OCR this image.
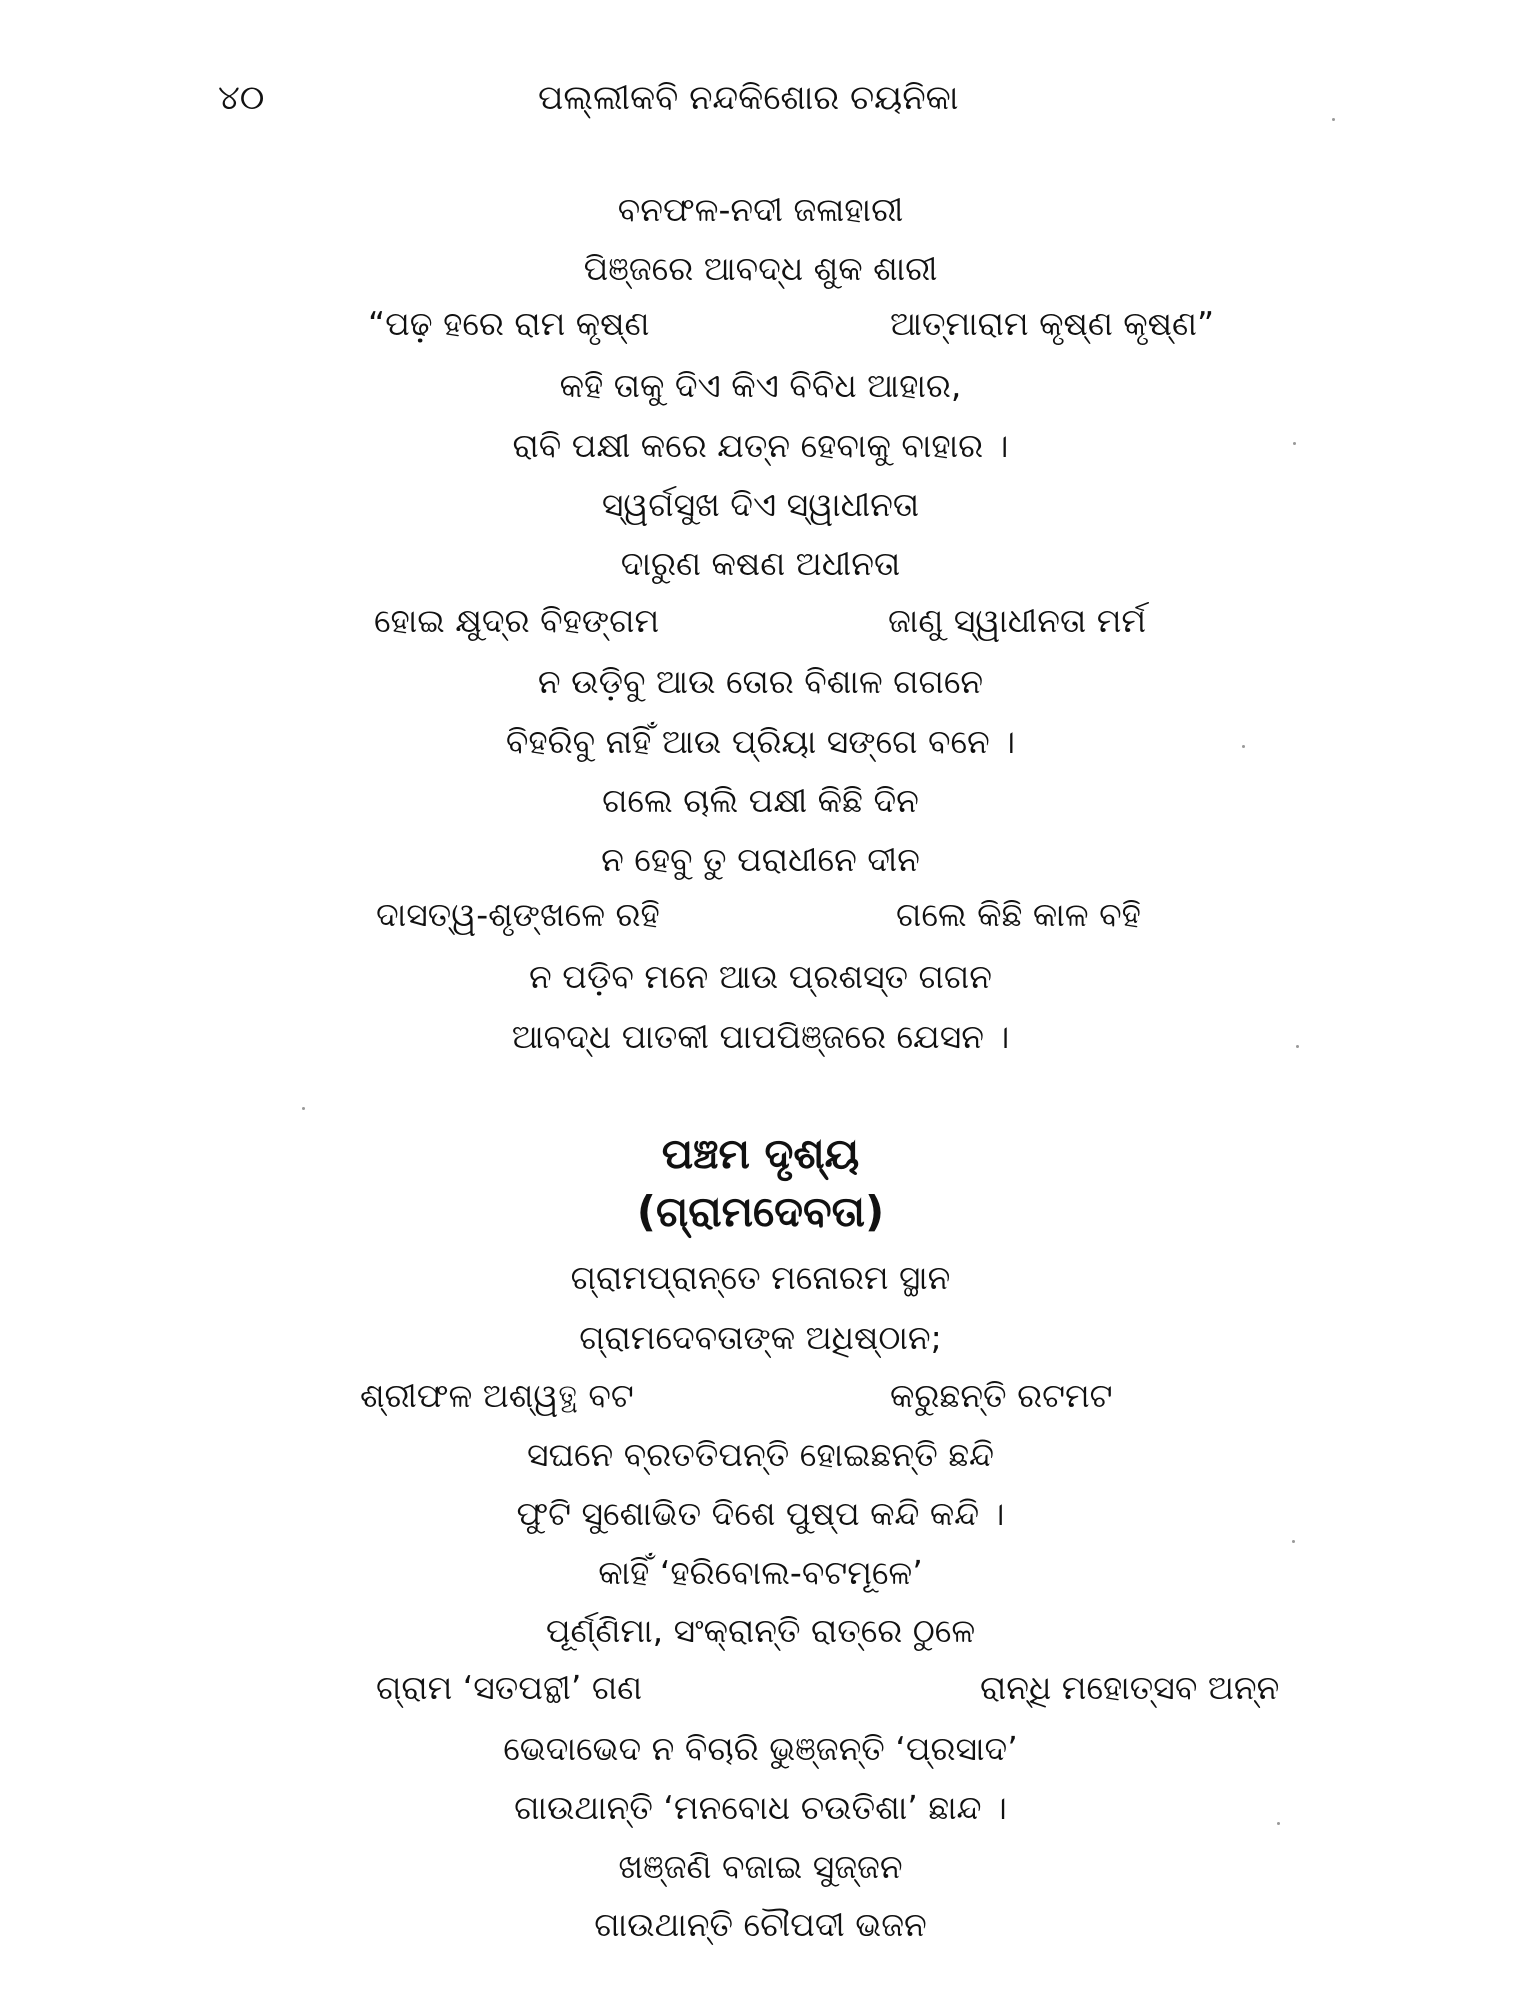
୪୦	ପଲ୍ଲୀକବି ନନ୍ଦକିଶୋର ଚୟନିକା
ବନଫଳ-ନଦୀ ଜଳାହାରୀ
ପିଞ୍ଜରେ ଆବଦ୍ଧ ଶୁକ ଶାରୀ
“ପଢ଼ ହରେ ରାମ କୃଷ୍ଣ	ଆତ୍ମାରାମ କୃଷ୍ଣ କୃଷ୍ଣ”
କହି ତାକୁ ଦିଏ କିଏ ବିବିଧ ଆହାର,
ରାବି ପକ୍ଷୀ କରେ ଯତ୍ନ ହେବାକୁ ବାହାର ।
ସ୍ୱର୍ଗସୁଖ ଦିଏ ସ୍ୱାଧୀନତା
ଦାରୁଣ କଷଣ ଅଧୀନତା
ହୋଇ କ୍ଷୁଦ୍ର ବିହଙ୍ଗମ	ଜାଣୁ ସ୍ୱାଧୀନତା ମର୍ମ
ନ ଉଡ଼ିବୁ ଆଉ ତୋର ବିଶାଳ ଗଗନେ
ବିହରିବୁ ନାହିଁ ଆଉ ପ୍ରିୟା ସଙ୍ଗେ ବନେ ।
ଗଲେ ଚାଲି ପକ୍ଷୀ କିଛି ଦିନ
ନ ହେବୁ ତୁ ପରାଧୀନେ ଦୀନ
ଦାସତ୍ୱ-ଶୃଙ୍ଖଳେ ରହି	ଗଲେ କିଛି କାଳ ବହି
ନ ପଡ଼ିବ ମନେ ଆଉ ପ୍ରଶସ୍ତ ଗଗନ
ଆବଦ୍ଧ ପାତକୀ ପାପପିଞ୍ଜରେ ଯେସନ ।
ପଞ୍ଚମ ଦୃଶ୍ୟ
(ଗ୍ରାମଦେବତା)
ଗ୍ରାମପ୍ରାନ୍ତେ ମନୋରମ ସ୍ଥାନ
ଗ୍ରାମଦେବତାଙ୍କ ଅଧିଷ୍ଠାନ;
ଶ୍ରୀଫଳ ଅଶ୍ୱତ୍ଥ ବଟ	କରୁଛନ୍ତି ରଟମଟ
ସଘନେ ବ୍ରତତିପନ୍ତି ହୋଇଛନ୍ତି ଛନ୍ଦି
ଫୁଟି ସୁଶୋଭିତ ଦିଶେ ପୁଷ୍ପ କନ୍ଦି କନ୍ଦି ।
କାହିଁ ‘ହରିବୋଲ-ବଟମୂଳେ’
ପୂର୍ଣ୍ଣିମା, ସଂକ୍ରାନ୍ତି ରାତ୍ରେ ଠୁଳେ
ଗ୍ରାମ ‘ସତପନ୍ଥୀ’ ଗଣ	ରାନ୍ଧି ମହୋତ୍ସବ ଅନ୍ନ
ଭେଦାଭେଦ ନ ବିଚାରି ଭୁଞ୍ଜନ୍ତି ‘ପ୍ରସାଦ’
ଗାଉଥାନ୍ତି ‘ମନବୋଧ ଚଉତିଶା’ ଛାନ୍ଦ ।
ଖଞ୍ଜଣି ବଜାଇ ସୁଜ୍ଜନ
ଗାଉଥାନ୍ତି ଚୌପଦୀ ଭଜନ
